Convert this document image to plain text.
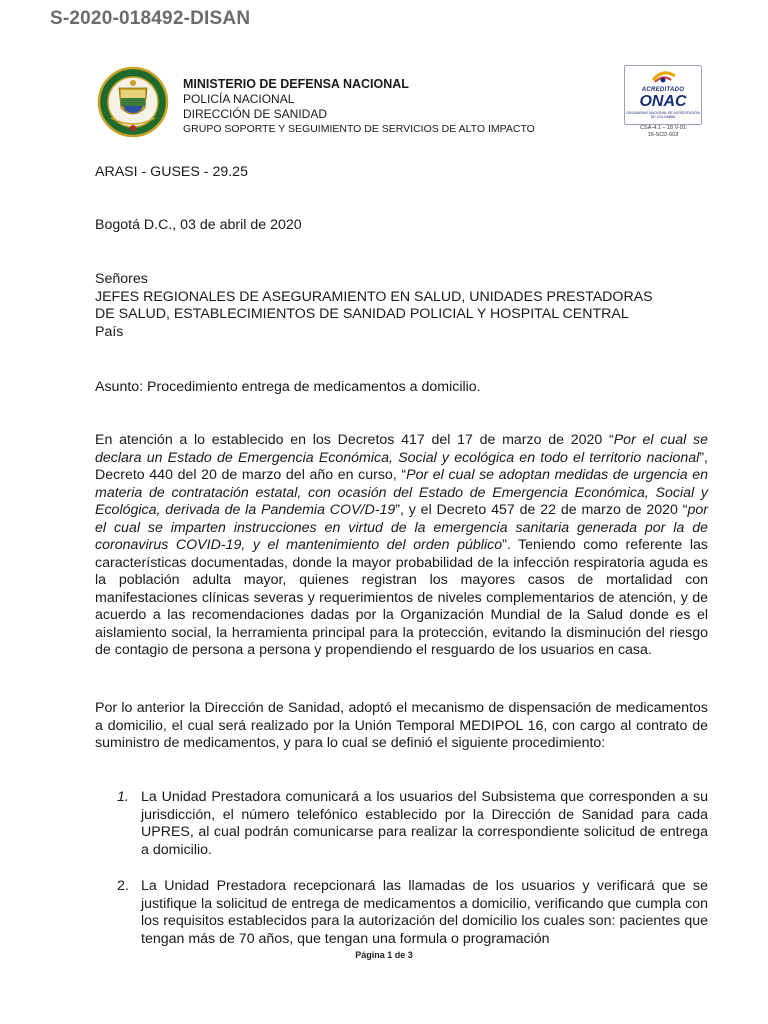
S-2020-018492-DISAN
MINISTERIO DE DEFENSA NACIONAL
POLICÍA NACIONAL
DIRECCIÓN DE SANIDAD
GRUPO SOPORTE Y SEGUIMIENTO DE SERVICIOS DE ALTO IMPACTO
ACREDITADO
ONAC
ORGANISMO NACIONAL DE ACREDITACIÓN DE COLOMBIA
CSA-4.1 – 18 V-01
16-SCD-003
ARASI - GUSES - 29.25
Bogotá D.C., 03 de abril de 2020
Señores
JEFES REGIONALES DE ASEGURAMIENTO EN SALUD, UNIDADES PRESTADORAS
DE SALUD, ESTABLECIMIENTOS DE SANIDAD POLICIAL Y HOSPITAL CENTRAL
País
Asunto: Procedimiento entrega de medicamentos a domicilio.
En atención a lo establecido en los Decretos 417 del 17 de marzo de 2020 “Por el cual se declara un Estado de Emergencia Económica, Social y ecológica en todo el territorio nacional”, Decreto 440 del 20 de marzo del año en curso, “Por el cual se adoptan medidas de urgencia en materia de contratación estatal, con ocasión del Estado de Emergencia Económica, Social y Ecológica, derivada de la Pandemia COV/D-19”, y el Decreto 457 de 22 de marzo de 2020 “por el cual se imparten instrucciones en virtud de la emergencia sanitaria generada por la de coronavirus COVID-19, y el mantenimiento del orden público”. Teniendo como referente las características documentadas, donde la mayor probabilidad de la infección respiratoria aguda es la población adulta mayor, quienes registran los mayores casos de mortalidad con manifestaciones clínicas severas y requerimientos de niveles complementarios de atención, y de acuerdo a las recomendaciones dadas por la Organización Mundial de la Salud donde es el aislamiento social, la herramienta principal para la protección, evitando la disminución del riesgo de contagio de persona a persona y propendiendo el resguardo de los usuarios en casa.
Por lo anterior la Dirección de Sanidad, adoptó el mecanismo de dispensación de medicamentos a domicilio, el cual será realizado por la Unión Temporal MEDIPOL 16, con cargo al contrato de suministro de medicamentos, y para lo cual se definió el siguiente procedimiento:
1. La Unidad Prestadora comunicará a los usuarios del Subsistema que corresponden a su jurisdicción, el número telefónico establecido por la Dirección de Sanidad para cada UPRES, al cual podrán comunicarse para realizar la correspondiente solicitud de entrega a domicilio.
2. La Unidad Prestadora recepcionará las llamadas de los usuarios y verificará que se justifique la solicitud de entrega de medicamentos a domicilio, verificando que cumpla con los requisitos establecidos para la autorización del domicilio los cuales son: pacientes que tengan más de 70 años, que tengan una formula o programación
Página 1 de 3
